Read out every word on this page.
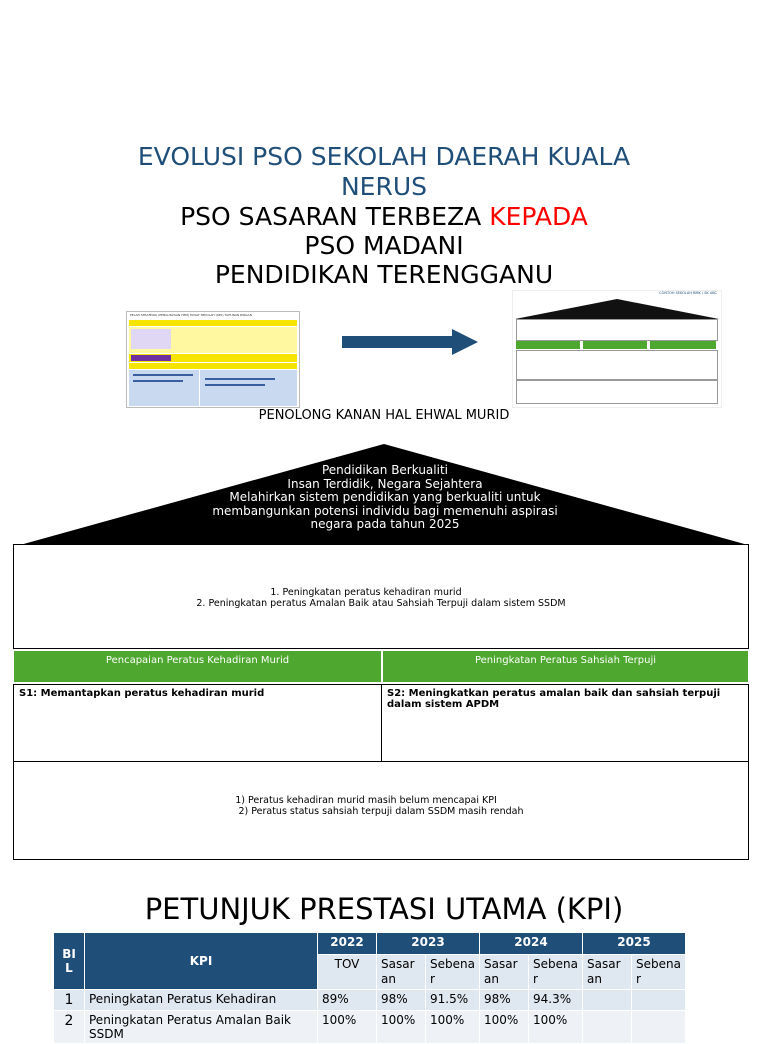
EVOLUSI PSO SEKOLAH DAERAH KUALA
NERUS
PSO SASARAN TERBEZA KEPADA
PSO MADANI
PENDIDIKAN TERENGGANU
PELAN STRATEGIK (PENGURUSAN HEM) PUSAT SEKOLAH (SPS) TAHUNAN RINGAN
CONTOH SEKOLAH BMK / SK ABC
PENOLONG KANAN HAL EHWAL MURID
Pendidikan Berkualiti
Insan Terdidik, Negara Sejahtera
Melahirkan sistem pendidikan yang berkualiti untuk
membangunkan potensi individu bagi memenuhi aspirasi
negara pada tahun 2025
1. Peningkatan peratus kehadiran murid
2. Peningkatan peratus Amalan Baik atau Sahsiah Terpuji dalam sistem SSDM
Pencapaian Peratus Kehadiran Murid	Peningkatan Peratus Sahsiah Terpuji
S1: Memantapkan peratus kehadiran murid	S2: Meningkatkan peratus amalan baik dan sahsiah terpuji dalam sistem APDM
1) Peratus kehadiran murid masih belum mencapai KPI
2) Peratus status sahsiah terpuji dalam SSDM masih rendah
PETUNJUK PRESTASI UTAMA (KPI)
BI L	KPI	2022	2023		2024		2025	
		TOV	Sasaran	Sebenar	Sasaran	Sebenar	Sasaran	Sebenar
1	Peningkatan Peratus Kehadiran	89%	98%	91.5%	98%	94.3%		
2	Peningkatan Peratus Amalan Baik SSDM	100%	100%	100%	100%	100%		
